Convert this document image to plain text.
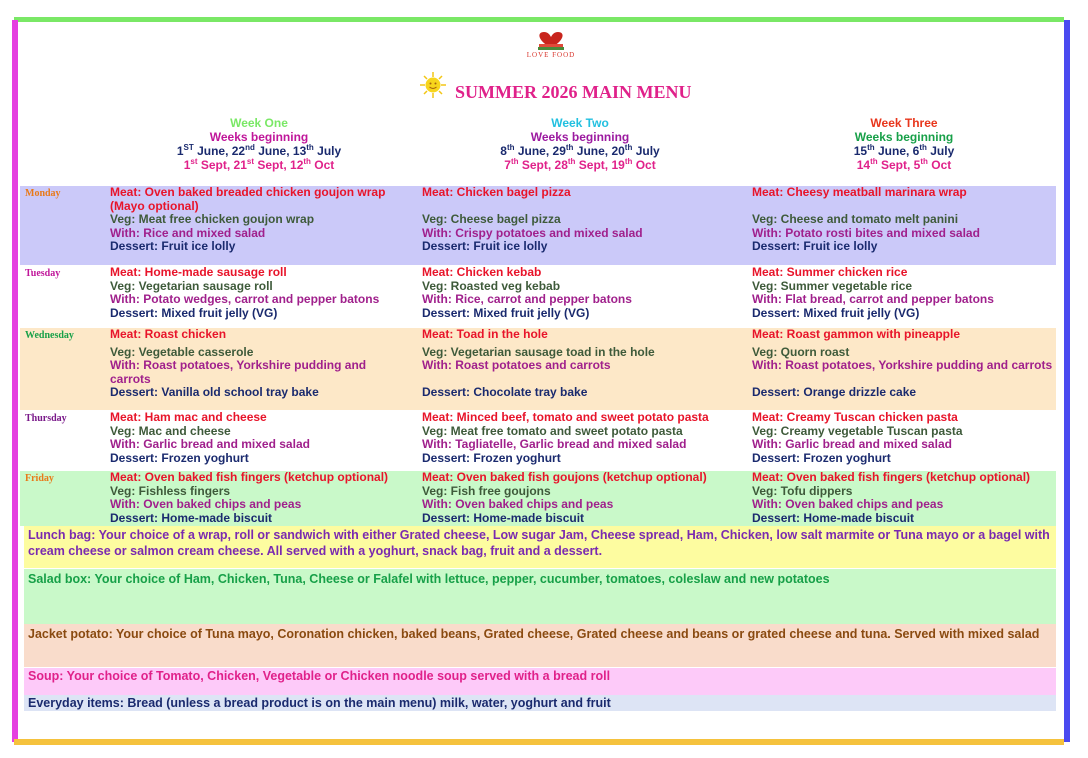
LOVE FOOD
SUMMER 2026 MAIN MENU
Week One
Weeks beginning
1ST June, 22nd June, 13th July
1st Sept, 21st Sept, 12th Oct
Week Two
Weeks beginning
8th June, 29th June, 20th July
7th Sept, 28th Sept, 19th Oct
Week Three
Weeks beginning
15th June, 6th July
14th Sept, 5th Oct
Monday	Meat: Oven baked breaded chicken goujon wrap (Mayo optional)
Veg: Meat free chicken goujon wrap
With: Rice and mixed salad
Dessert: Fruit ice lolly
Meat: Chicken bagel pizza
Veg: Cheese bagel pizza
With: Crispy potatoes and mixed salad
Dessert: Fruit ice lolly
Meat: Cheesy meatball marinara wrap
Veg: Cheese and tomato melt panini
With: Potato rosti bites and mixed salad
Dessert: Fruit ice lolly
Tuesday	Meat: Home-made sausage roll
Veg: Vegetarian sausage roll
With: Potato wedges, carrot and pepper batons
Dessert: Mixed fruit jelly (VG)
Meat: Chicken kebab
Veg: Roasted veg kebab
With: Rice, carrot and pepper batons
Dessert: Mixed fruit jelly (VG)
Meat: Summer chicken rice
Veg: Summer vegetable rice
With: Flat bread, carrot and pepper batons
Dessert: Mixed fruit jelly (VG)
Wednesday	Meat: Roast chicken
Veg: Vegetable casserole
With: Roast potatoes, Yorkshire pudding and carrots
Dessert: Vanilla old school tray bake
Meat: Toad in the hole
Veg: Vegetarian sausage toad in the hole
With: Roast potatoes and carrots
Dessert: Chocolate tray bake
Meat: Roast gammon with pineapple
Veg: Quorn roast
With: Roast potatoes, Yorkshire pudding and carrots
Dessert: Orange drizzle cake
Thursday	Meat: Ham mac and cheese
Veg: Mac and cheese
With: Garlic bread and mixed salad
Dessert: Frozen yoghurt
Meat: Minced beef, tomato and sweet potato pasta
Veg: Meat free tomato and sweet potato pasta
With: Tagliatelle, Garlic bread and mixed salad
Dessert: Frozen yoghurt
Meat: Creamy Tuscan chicken pasta
Veg: Creamy vegetable Tuscan pasta
With: Garlic bread and mixed salad
Dessert: Frozen yoghurt
Friday	Meat: Oven baked fish fingers (ketchup optional)
Veg: Fishless fingers
With: Oven baked chips and peas
Dessert: Home-made biscuit
Meat: Oven baked fish goujons (ketchup optional)
Veg: Fish free goujons
With: Oven baked chips and peas
Dessert: Home-made biscuit
Meat: Oven baked fish fingers (ketchup optional)
Veg: Tofu dippers
With: Oven baked chips and peas
Dessert: Home-made biscuit
Lunch bag: Your choice of a wrap, roll or sandwich with either Grated cheese, Low sugar Jam, Cheese spread, Ham, Chicken, low salt marmite or Tuna mayo or a bagel with cream cheese or salmon cream cheese. All served with a yoghurt, snack bag, fruit and a dessert.
Salad box: Your choice of Ham, Chicken, Tuna, Cheese or Falafel with lettuce, pepper, cucumber, tomatoes, coleslaw and new potatoes
Jacket potato: Your choice of Tuna mayo, Coronation chicken, baked beans, Grated cheese, Grated cheese and beans or grated cheese and tuna. Served with mixed salad
Soup: Your choice of Tomato, Chicken, Vegetable or Chicken noodle soup served with a bread roll
Everyday items: Bread (unless a bread product is on the main menu) milk, water, yoghurt and fruit
